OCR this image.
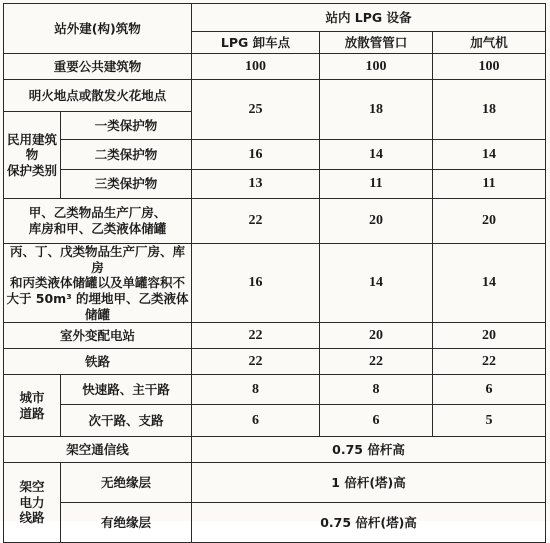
站外建(构)筑物		站内 LPG 设备		
		LPG 卸车点	放散管管口	加气机
重要公共建筑物		100	100	100
明火地点或散发火花地点		25	18	18
民用建筑物
保护类别	一类保护物			
	二类保护物	16	14	14
	三类保护物	13	11	11
甲、乙类物品生产厂房、
库房和甲、乙类液体储罐		22	20	20
丙、丁、戊类物品生产厂房、库房
和丙类液体储罐以及单罐容积不
大于 50m³ 的埋地甲、乙类液体储罐		16	14	14
室外变配电站		22	20	20
铁路		22	22	22
城市
道路	快速路、主干路	8	8	6
	次干路、支路	6	6	5
架空通信线		0.75 倍杆高		
架空
电力
线路	无绝缘层	1 倍杆(塔)高		
	有绝缘层	0.75 倍杆(塔)高		
